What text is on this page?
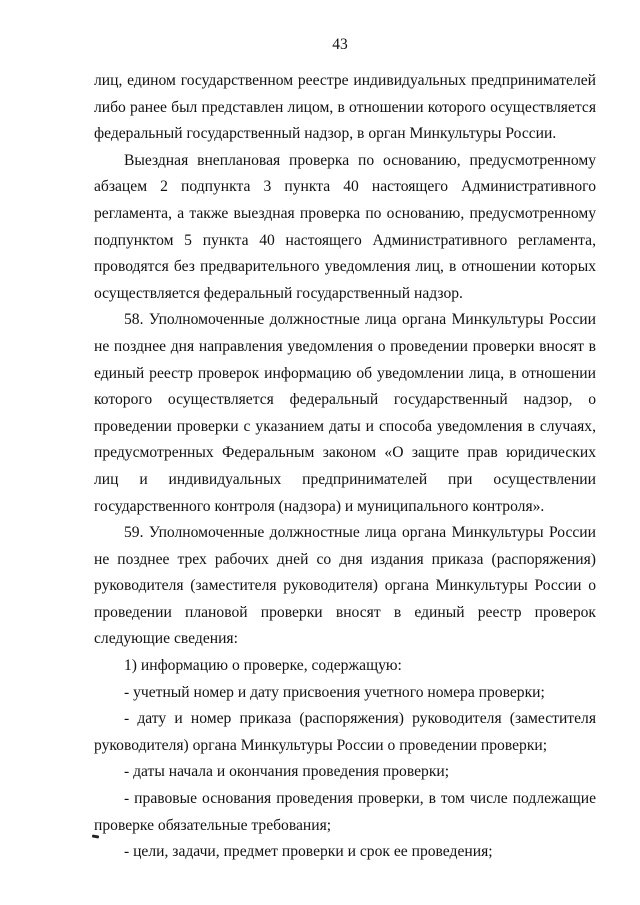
43

лиц, едином государственном реестре индивидуальных предпринимателей либо ранее был представлен лицом, в отношении которого осуществляется федеральный государственный надзор, в орган Минкультуры России.

Выездная внеплановая проверка по основанию, предусмотренному абзацем 2 подпункта 3 пункта 40 настоящего Административного регламента, а также выездная проверка по основанию, предусмотренному подпунктом 5 пункта 40 настоящего Административного регламента, проводятся без предварительного уведомления лиц, в отношении которых осуществляется федеральный государственный надзор.

58. Уполномоченные должностные лица органа Минкультуры России не позднее дня направления уведомления о проведении проверки вносят в единый реестр проверок информацию об уведомлении лица, в отношении которого осуществляется федеральный государственный надзор, о проведении проверки с указанием даты и способа уведомления в случаях, предусмотренных Федеральным законом «О защите прав юридических лиц и индивидуальных предпринимателей при осуществлении государственного контроля (надзора) и муниципального контроля».

59. Уполномоченные должностные лица органа Минкультуры России не позднее трех рабочих дней со дня издания приказа (распоряжения) руководителя (заместителя руководителя) органа Минкультуры России о проведении плановой проверки вносят в единый реестр проверок следующие сведения:

1) информацию о проверке, содержащую:

- учетный номер и дату присвоения учетного номера проверки;

- дату и номер приказа (распоряжения) руководителя (заместителя руководителя) органа Минкультуры России о проведении проверки;

- даты начала и окончания проведения проверки;

- правовые основания проведения проверки, в том числе подлежащие проверке обязательные требования;

- цели, задачи, предмет проверки и срок ее проведения;
